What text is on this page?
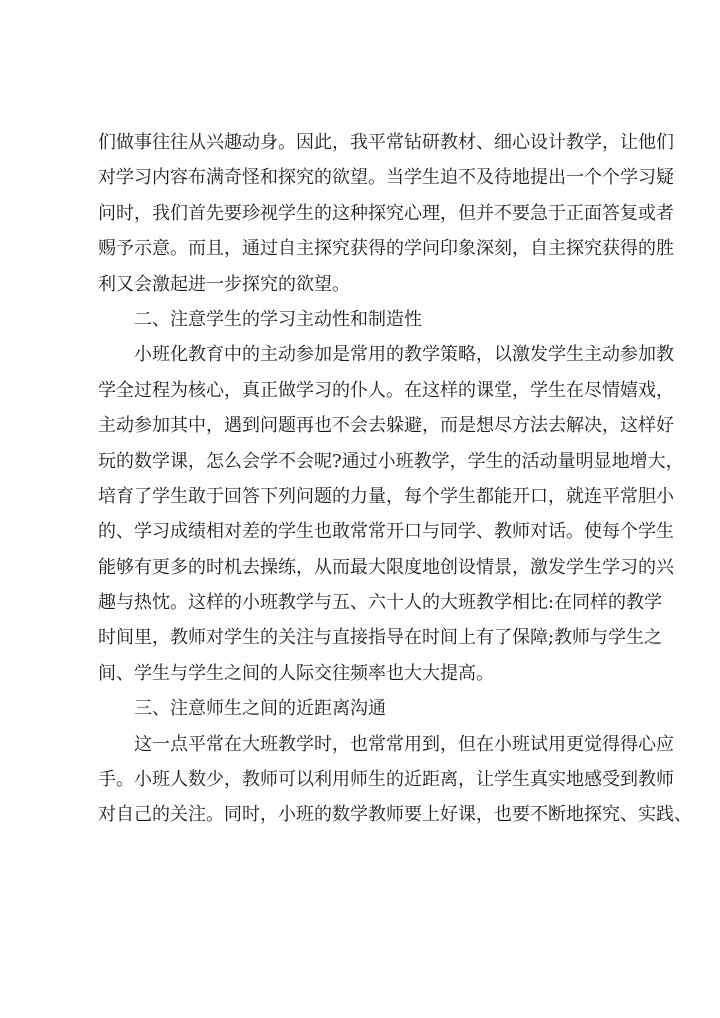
们做事往往从兴趣动身。因此，我平常钻研教材、细心设计教学，让他们
对学习内容布满奇怪和探究的欲望。当学生迫不及待地提出一个个学习疑
问时，我们首先要珍视学生的这种探究心理，但并不要急于正面答复或者
赐予示意。而且，通过自主探究获得的学问印象深刻，自主探究获得的胜
利又会激起进一步探究的欲望。
二、注意学生的学习主动性和制造性
小班化教育中的主动参加是常用的教学策略，以激发学生主动参加教
学全过程为核心，真正做学习的仆人。在这样的课堂，学生在尽情嬉戏，
主动参加其中，遇到问题再也不会去躲避，而是想尽方法去解决，这样好
玩的数学课，怎么会学不会呢?通过小班教学，学生的活动量明显地增大，
培育了学生敢于回答下列问题的力量，每个学生都能开口，就连平常胆小
的、学习成绩相对差的学生也敢常常开口与同学、教师对话。使每个学生
能够有更多的时机去操练，从而最大限度地创设情景，激发学生学习的兴
趣与热忱。这样的小班教学与五、六十人的大班教学相比:在同样的教学
时间里，教师对学生的关注与直接指导在时间上有了保障;教师与学生之
间、学生与学生之间的人际交往频率也大大提高。
三、注意师生之间的近距离沟通
这一点平常在大班教学时，也常常用到，但在小班试用更觉得得心应
手。小班人数少，教师可以利用师生的近距离，让学生真实地感受到教师
对自己的关注。同时，小班的数学教师要上好课，也要不断地探究、实践、
